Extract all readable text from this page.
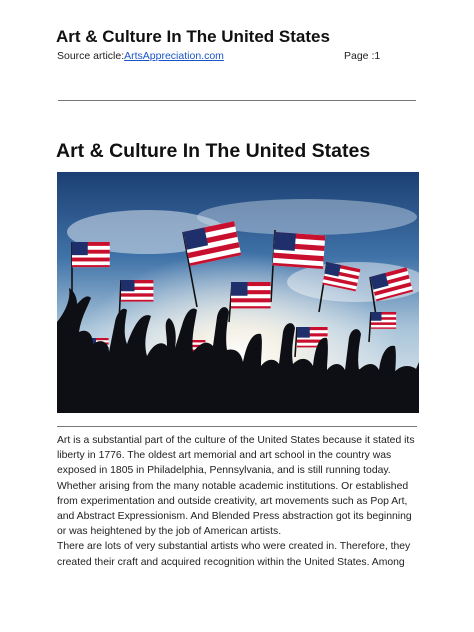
Art & Culture In The United States
Source article:ArtsAppreciation.com	Page :1
Art & Culture In The United States

Art is a substantial part of the culture of the United States because it stated its liberty in 1776. The oldest art memorial and art school in the country was exposed in 1805 in Philadelphia, Pennsylvania, and is still running today. Whether arising from the many notable academic institutions. Or established from experimentation and outside creativity, art movements such as Pop Art, and Abstract Expressionism. And Blended Press abstraction got its beginning or was heightened by the job of American artists.

There are lots of very substantial artists who were created in. Therefore, they created their craft and acquired recognition within the United States. Among
